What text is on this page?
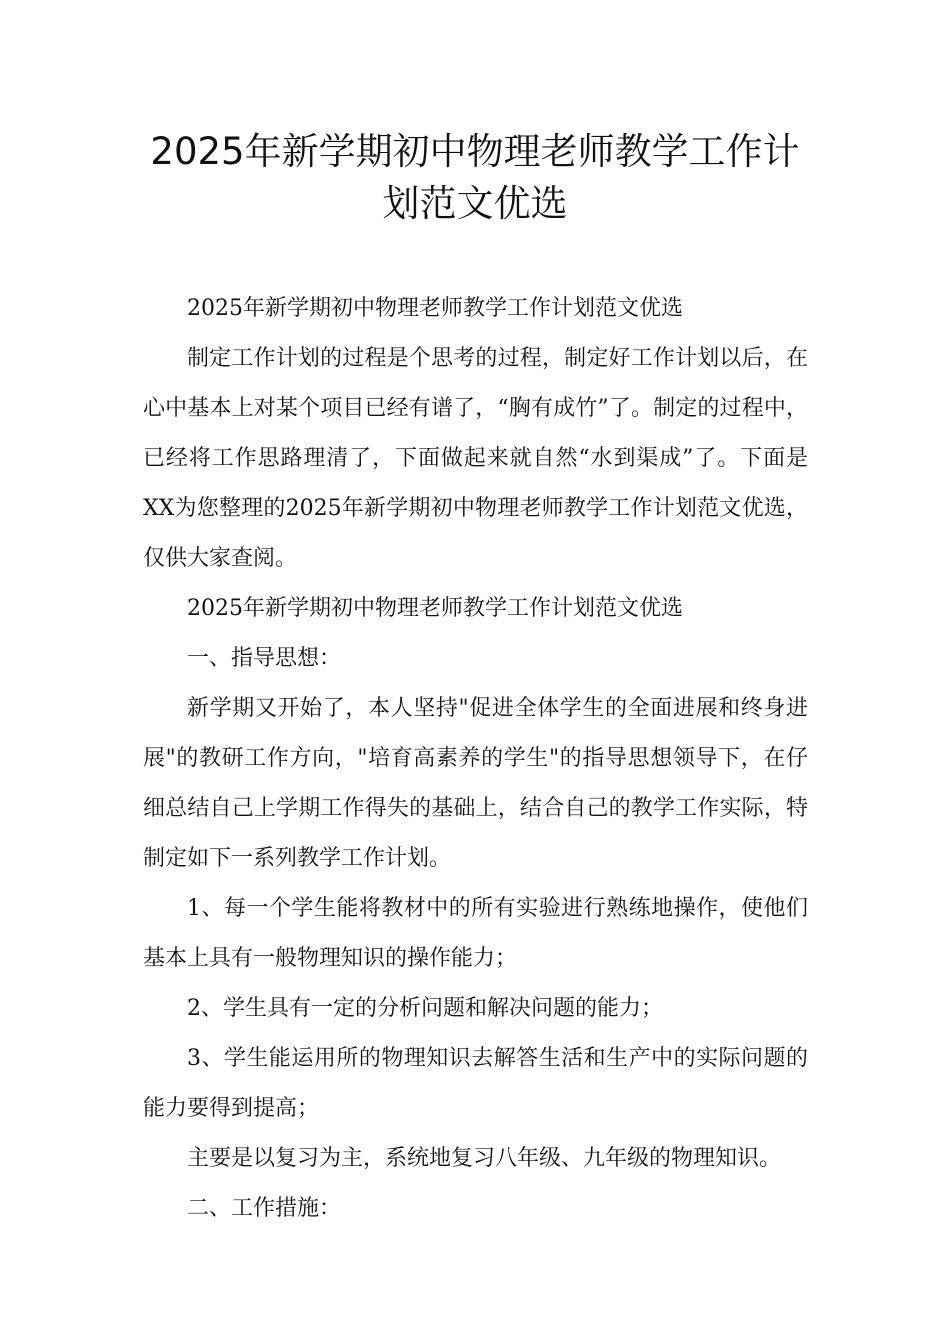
2025年新学期初中物理老师教学工作计
划范文优选

2025年新学期初中物理老师教学工作计划范文优选

制定工作计划的过程是个思考的过程，制定好工作计划以后，在心中基本上对某个项目已经有谱了，“胸有成竹”了。制定的过程中，已经将工作思路理清了，下面做起来就自然“水到渠成”了。下面是XX为您整理的2025年新学期初中物理老师教学工作计划范文优选，仅供大家查阅。

2025年新学期初中物理老师教学工作计划范文优选

一、指导思想：

新学期又开始了，本人坚持"促进全体学生的全面进展和终身进展"的教研工作方向，"培育高素养的学生"的指导思想领导下，在仔细总结自己上学期工作得失的基础上，结合自己的教学工作实际，特制定如下一系列教学工作计划。

1、每一个学生能将教材中的所有实验进行熟练地操作，使他们基本上具有一般物理知识的操作能力；

2、学生具有一定的分析问题和解决问题的能力；

3、学生能运用所的物理知识去解答生活和生产中的实际问题的能力要得到提高；

主要是以复习为主，系统地复习八年级、九年级的物理知识。

二、工作措施：
